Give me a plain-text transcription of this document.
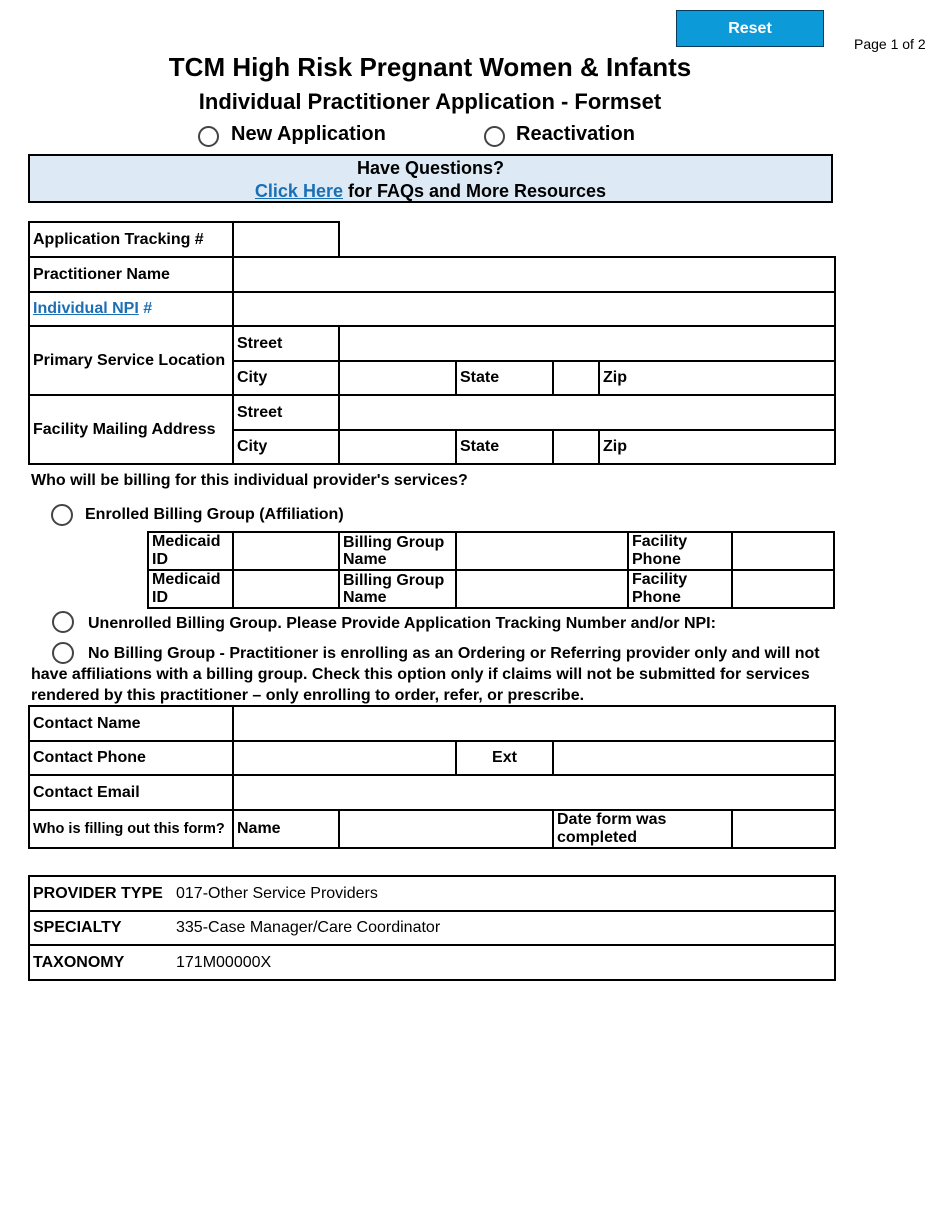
Reset
Page 1 of 2
TCM High Risk Pregnant Women & Infants
Individual Practitioner Application - Formset
New Application	Reactivation
Have Questions?
Click Here for FAQs and More Resources
Application Tracking #						
Practitioner Name						
Individual NPI #						
Primary Service Location	Street					
	City		State		Zip	
Facility Mailing Address	Street					
	City		State		Zip	
Who will be billing for this individual provider's services?
Enrolled Billing Group (Affiliation)
Medicaid ID		Billing Group Name		Facility Phone	
Medicaid ID		Billing Group Name		Facility Phone	
Unenrolled Billing Group. Please Provide Application Tracking Number and/or NPI:
No Billing Group - Practitioner is enrolling as an Ordering or Referring provider only and will not have affiliations with a billing group. Check this option only if claims will not be submitted for services rendered by this practitioner – only enrolling to order, refer, or prescribe.
Contact Name					
Contact Phone			Ext		
Contact Email					
Who is filling out this form?	Name			Date form was completed	
PROVIDER TYPE	017-Other Service Providers
SPECIALTY	335-Case Manager/Care Coordinator
TAXONOMY	171M00000X
